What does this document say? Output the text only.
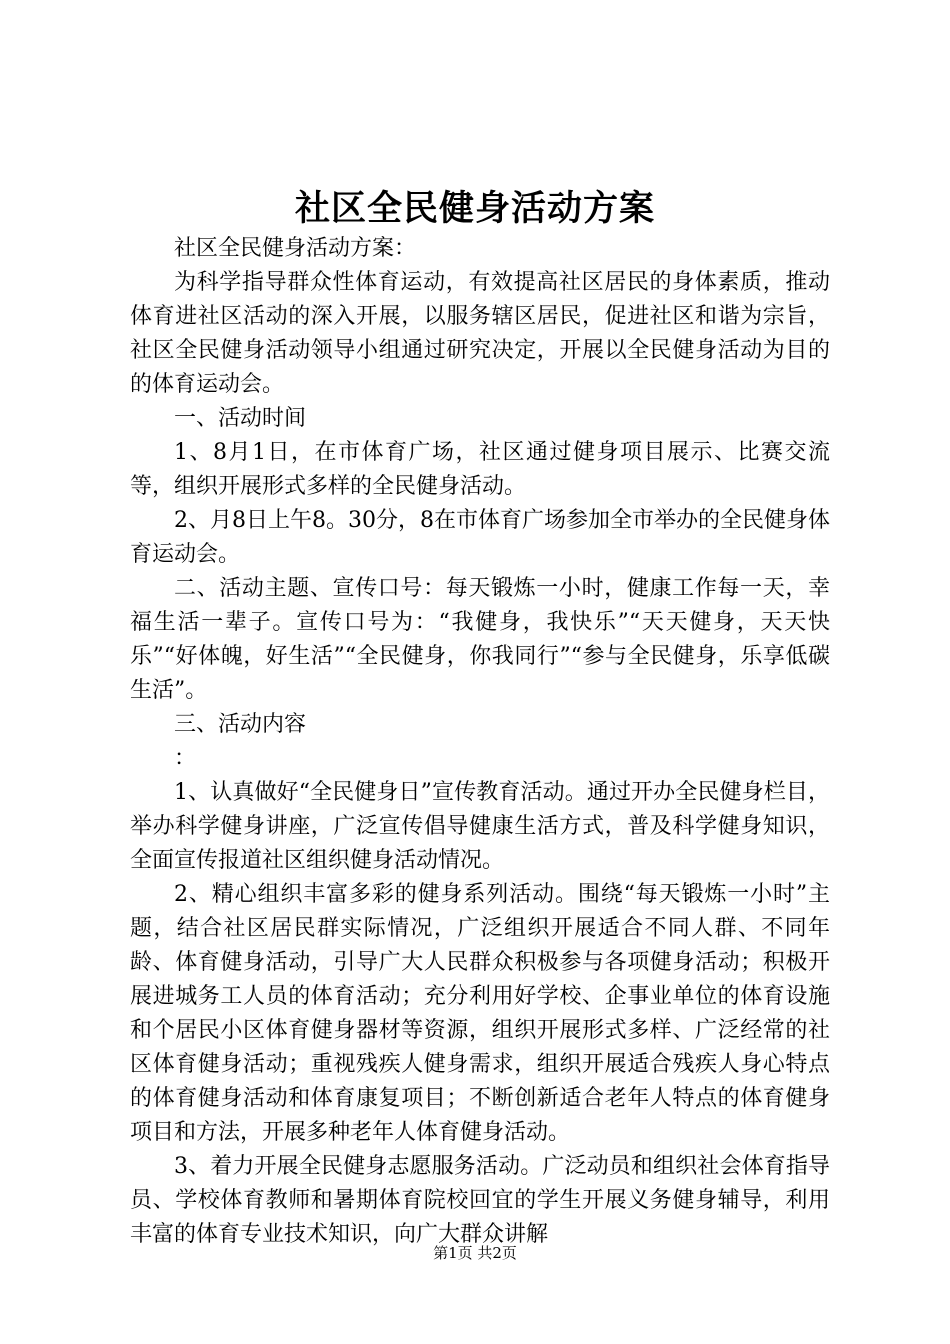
社区全民健身活动方案

社区全民健身活动方案：

为科学指导群众性体育运动，有效提高社区居民的身体素质，推动体育进社区活动的深入开展，以服务辖区居民，促进社区和谐为宗旨，社区全民健身活动领导小组通过研究决定，开展以全民健身活动为目的的体育运动会。

一、活动时间

1、8月1日，在市体育广场，社区通过健身项目展示、比赛交流等，组织开展形式多样的全民健身活动。

2、月8日上午8。30分，8在市体育广场参加全市举办的全民健身体育运动会。

二、活动主题、宣传口号：每天锻炼一小时，健康工作每一天，幸福生活一辈子。宣传口号为：“我健身，我快乐”“天天健身，天天快乐”“好体魄，好生活”“全民健身，你我同行”“参与全民健身，乐享低碳生活”。

三、活动内容

：

1、认真做好“全民健身日”宣传教育活动。通过开办全民健身栏目，举办科学健身讲座，广泛宣传倡导健康生活方式，普及科学健身知识，全面宣传报道社区组织健身活动情况。

2、精心组织丰富多彩的健身系列活动。围绕“每天锻炼一小时”主题，结合社区居民群实际情况，广泛组织开展适合不同人群、不同年龄、体育健身活动，引导广大人民群众积极参与各项健身活动；积极开展进城务工人员的体育活动；充分利用好学校、企事业单位的体育设施和个居民小区体育健身器材等资源，组织开展形式多样、广泛经常的社区体育健身活动；重视残疾人健身需求，组织开展适合残疾人身心特点的体育健身活动和体育康复项目；不断创新适合老年人特点的体育健身项目和方法，开展多种老年人体育健身活动。

3、着力开展全民健身志愿服务活动。广泛动员和组织社会体育指导员、学校体育教师和暑期体育院校回宜的学生开展义务健身辅导，利用丰富的体育专业技术知识，向广大群众讲解

第1页 共2页
